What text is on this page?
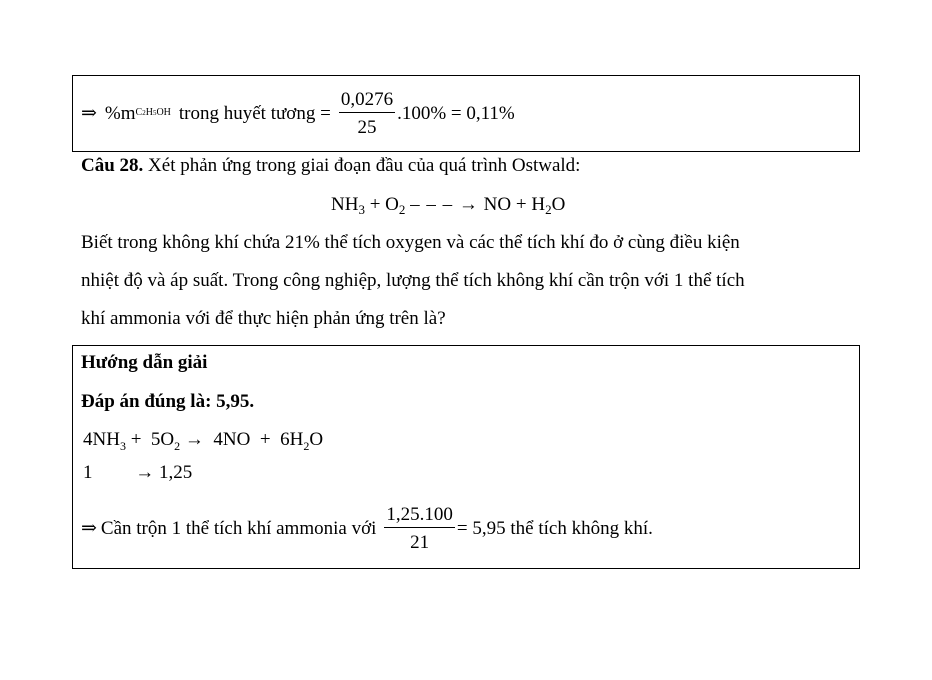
⇒ %m C2H5OH trong huyết tương = $\frac{0,0276}{25} .100\% = 0,11\%$
Câu 28. Xét phản ứng trong giai đoạn đầu của quá trình Ostwald:
$NH_3 + O_2$ – – – → NO + $H_2O$
Biết trong không khí chứa 21% thể tích oxygen và các thể tích khí đo ở cùng điều kiện
nhiệt độ và áp suất. Trong công nghiệp, lượng thể tích không khí cần trộn với 1 thể tích
khí ammonia với để thực hiện phản ứng trên là?
Hướng dẫn giải
Đáp án đúng là: 5,95.
$4NH_3 + 5O_2 \to 4NO + 6H_2O$
1 → 1,25
⇒ Cần trộn 1 thể tích khí ammonia với $\frac{1,25.100}{21} = 5,95$ thể tích không khí.
